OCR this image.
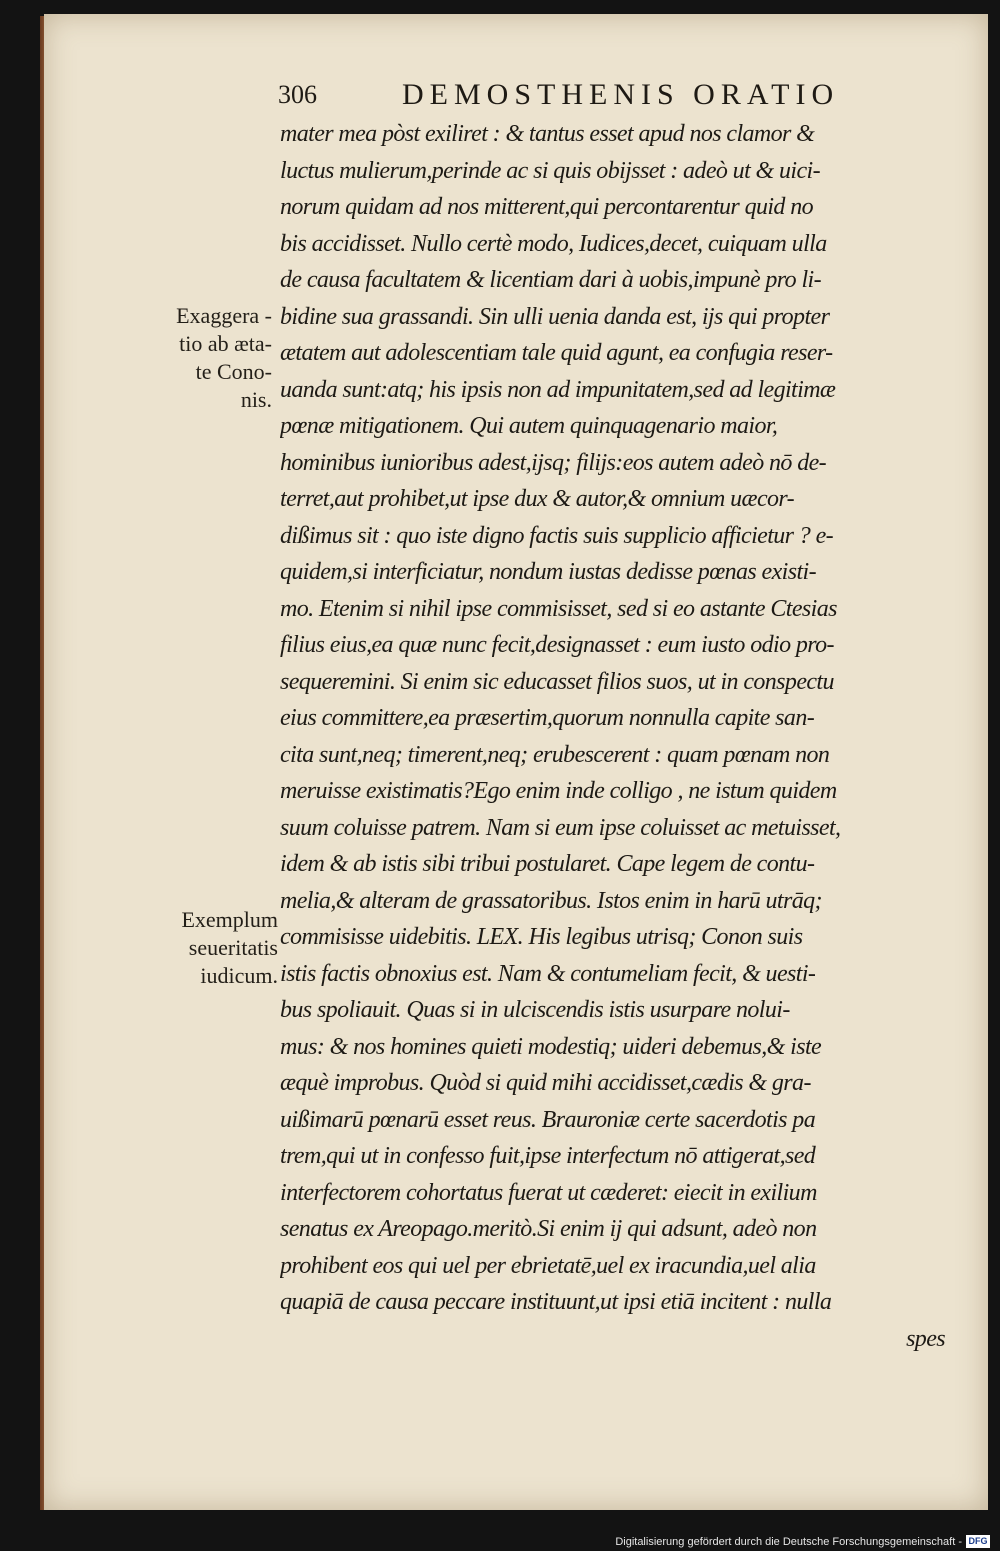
306	DEMOSTHENIS ORATIO
Exaggera -
tio ab æta-
te Cono-
nis.
Exemplum
seueritatis
iudicum.
mater mea pòst exiliret : & tantus esset apud nos clamor &
luctus mulierum,perinde ac si quis obijsset : adeò ut & uici-
norum quidam ad nos mitterent,qui percontarentur quid no
bis accidisset. Nullo certè modo, Iudices,decet, cuiquam ulla
de causa facultatem & licentiam dari à uobis,impunè pro li-
bidine sua grassandi. Sin ulli uenia danda est, ijs qui propter
ætatem aut adolescentiam tale quid agunt, ea confugia reser-
uanda sunt:atq; his ipsis non ad impunitatem,sed ad legitimæ
pœnæ mitigationem. Qui autem quinquagenario maior,
hominibus iunioribus adest,ijsq; filijs:eos autem adeò nō de-
terret,aut prohibet,ut ipse dux & autor,& omnium uæcor-
dißimus sit : quo iste digno factis suis supplicio afficietur ? e-
quidem,si interficiatur, nondum iustas dedisse pœnas existi-
mo. Etenim si nihil ipse commisisset, sed si eo astante Ctesias
filius eius,ea quæ nunc fecit,designasset : eum iusto odio pro-
sequeremini. Si enim sic educasset filios suos, ut in conspectu
eius committere,ea præsertim,quorum nonnulla capite san-
cita sunt,neq; timerent,neq; erubescerent : quam pœnam non
meruisse existimatis?Ego enim inde colligo , ne istum quidem
suum coluisse patrem. Nam si eum ipse coluisset ac metuisset,
idem & ab istis sibi tribui postularet. Cape legem de contu-
melia,& alteram de grassatoribus. Istos enim in harū utrāq;
commisisse uidebitis. LEX. His legibus utrisq; Conon suis
istis factis obnoxius est. Nam & contumeliam fecit, & uesti-
bus spoliauit. Quas si in ulciscendis istis usurpare nolui-
mus: & nos homines quieti modestiq; uideri debemus,& iste
æquè improbus. Quòd si quid mihi accidisset,cædis & gra-
uißimarū pœnarū esset reus. Brauroniæ certe sacerdotis pa
trem,qui ut in confesso fuit,ipse interfectum nō attigerat,sed
interfectorem cohortatus fuerat ut cæderet: eiecit in exilium
senatus ex Areopago.meritò.Si enim ij qui adsunt, adeò non
prohibent eos qui uel per ebrietatē,uel ex iracundia,uel alia
quapiā de causa peccare instituunt,ut ipsi etiā incitent : nulla
spes
Digitalisierung gefördert durch die Deutsche Forschungsgemeinschaft - DFG
